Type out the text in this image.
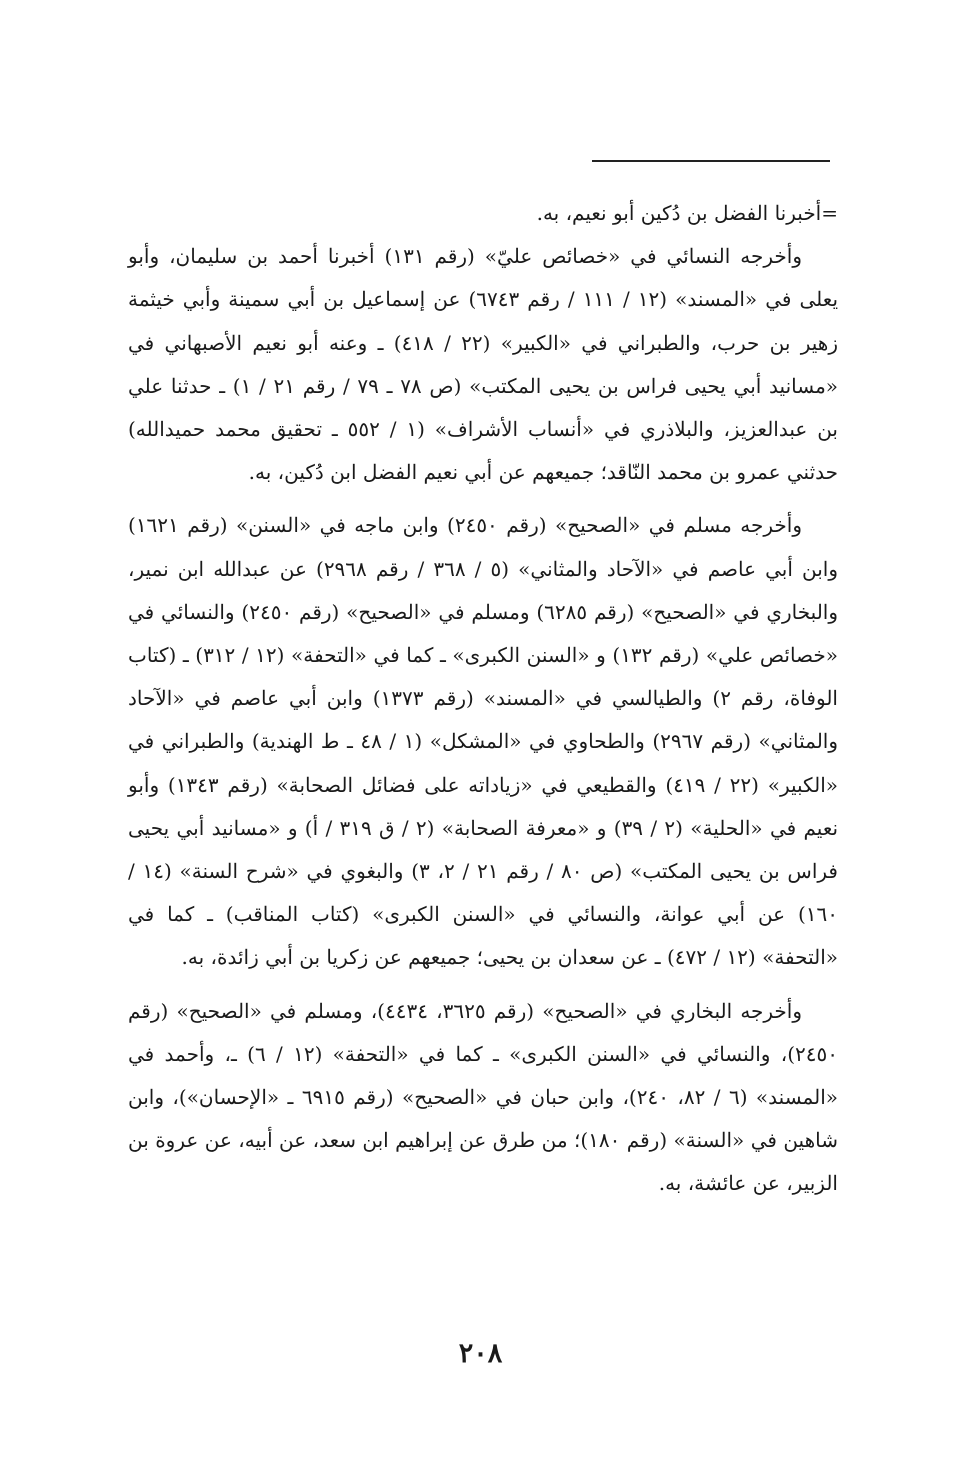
=أخبرنا الفضل بن دُكين أبو نعيم، به.

وأخرجه النسائي في «خصائص عليّ» (رقم ١٣١) أخبرنا أحمد بن سليمان، وأبو يعلى في «المسند» (١٢ / ١١١ / رقم ٦٧٤٣) عن إسماعيل بن أبي سمينة وأبي خيثمة زهير بن حرب، والطبراني في «الكبير» (٢٢ / ٤١٨) ـ وعنه أبو نعيم الأصبهاني في «مسانيد أبي يحيى فراس بن يحيى المكتب» (ص ٧٨ ـ ٧٩ / رقم ٢١ / ١) ـ حدثنا علي بن عبدالعزيز، والبلاذري في «أنساب الأشراف» (١ / ٥٥٢ ـ تحقيق محمد حميدالله) حدثني عمرو بن محمد النّاقد؛ جميعهم عن أبي نعيم الفضل ابن دُكين، به.

وأخرجه مسلم في «الصحيح» (رقم ٢٤٥٠) وابن ماجه في «السنن» (رقم ١٦٢١) وابن أبي عاصم في «الآحاد والمثاني» (٥ / ٣٦٨ / رقم ٢٩٦٨) عن عبدالله ابن نمير، والبخاري في «الصحيح» (رقم ٦٢٨٥) ومسلم في «الصحيح» (رقم ٢٤٥٠) والنسائي في «خصائص علي» (رقم ١٣٢) و «السنن الكبرى» ـ كما في «التحفة» (١٢ / ٣١٢) ـ (كتاب الوفاة، رقم ٢) والطيالسي في «المسند» (رقم ١٣٧٣) وابن أبي عاصم في «الآحاد والمثاني» (رقم ٢٩٦٧) والطحاوي في «المشكل» (١ / ٤٨ ـ ط الهندية) والطبراني في «الكبير» (٢٢ / ٤١٩) والقطيعي في «زياداته على فضائل الصحابة» (رقم ١٣٤٣) وأبو نعيم في «الحلية» (٢ / ٣٩) و «معرفة الصحابة» (٢ / ق ٣١٩ / أ) و «مسانيد أبي يحيى فراس بن يحيى المكتب» (ص ٨٠ / رقم ٢١ / ٢، ٣) والبغوي في «شرح السنة» (١٤ / ١٦٠) عن أبي عوانة، والنسائي في «السنن الكبرى» (كتاب المناقب) ـ كما في «التحفة» (١٢ / ٤٧٢) ـ عن سعدان بن يحيى؛ جميعهم عن زكريا بن أبي زائدة، به.

وأخرجه البخاري في «الصحيح» (رقم ٣٦٢٥، ٤٤٣٤)، ومسلم في «الصحيح» (رقم ٢٤٥٠)، والنسائي في «السنن الكبرى» ـ كما في «التحفة» (١٢ / ٦) ـ، وأحمد في «المسند» (٦ / ٨٢، ٢٤٠)، وابن حبان في «الصحيح» (رقم ٦٩١٥ ـ «الإحسان»)، وابن شاهين في «السنة» (رقم ١٨٠)؛ من طرق عن إبراهيم ابن سعد، عن أبيه، عن عروة بن الزبير، عن عائشة، به.

٢٠٨
